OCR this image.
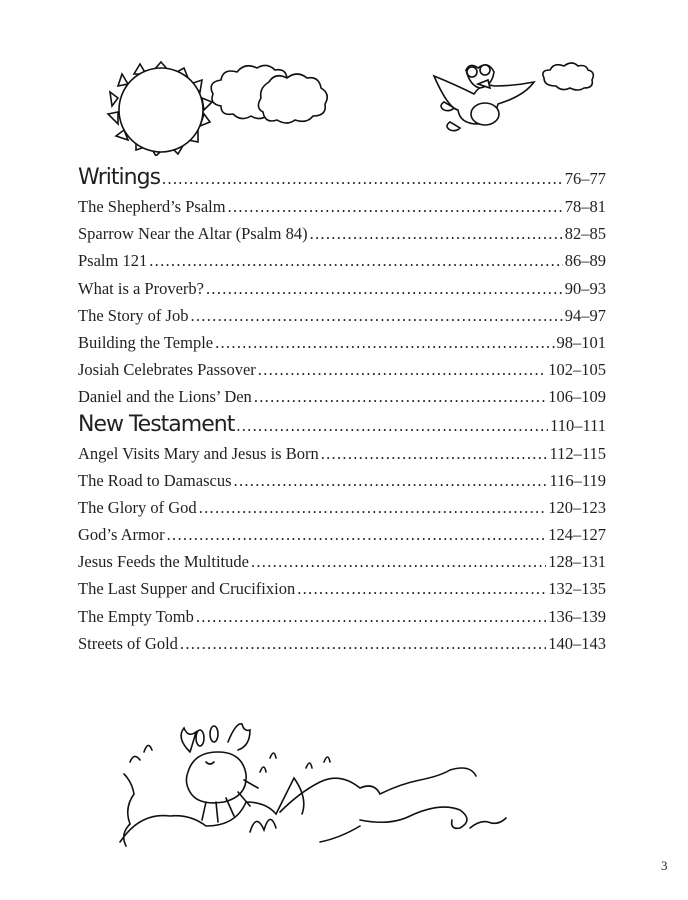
Writings .....	76–77
The Shepherd’s Psalm .....	78–81
Sparrow Near the Altar (Psalm 84) .....	82–85
Psalm 121 .....	86–89
What is a Proverb? .....	90–93
The Story of Job .....	94–97
Building the Temple .....	98–101
Josiah Celebrates Passover .....	102–105
Daniel and the Lions’ Den .....	106–109
New Testament .....	110–111
Angel Visits Mary and Jesus is Born .....	112–115
The Road to Damascus .....	116–119
The Glory of God .....	120–123
God’s Armor .....	124–127
Jesus Feeds the Multitude .....	128–131
The Last Supper and Crucifixion .....	132–135
The Empty Tomb .....	136–139
Streets of Gold .....	140–143
3
